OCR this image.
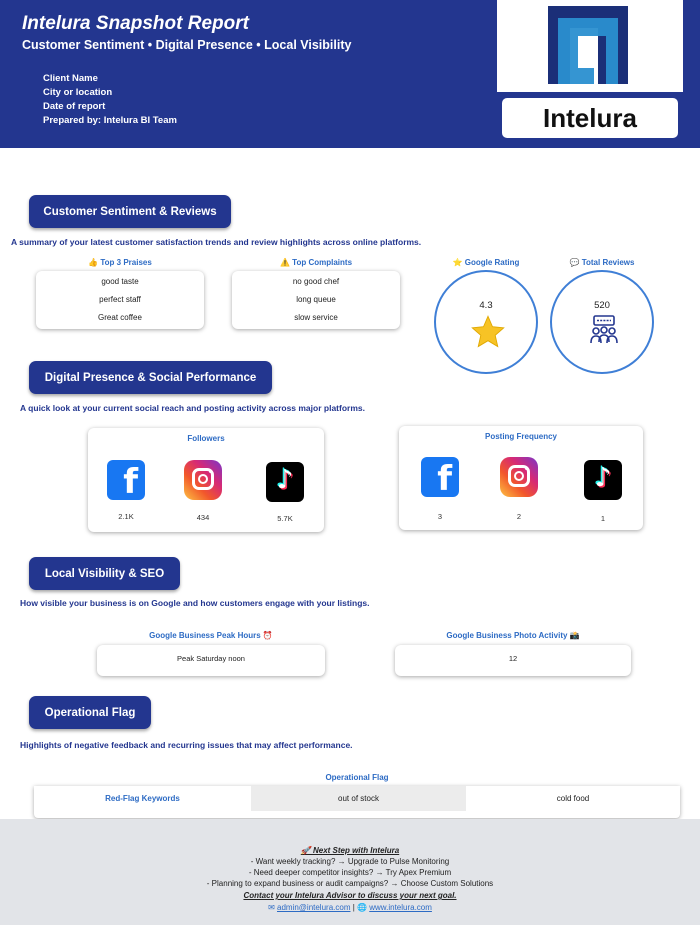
Intelura Snapshot Report
Customer Sentiment • Digital Presence • Local Visibility
Client Name
City or location
Date of report
Prepared by: Intelura BI Team	Intelura
Customer Sentiment & Reviews
A summary of your latest customer satisfaction trends and review highlights across online platforms.
👍 Top 3 Praises
good taste
perfect staff
Great coffee
⚠️ Top Complaints
no good chef
long queue
slow service
⭐ Google Rating
4.3
💬 Total Reviews
520
Digital Presence & Social Performance
A quick look at your current social reach and posting activity across major platforms.
Followers
f	♪
2.1K	434	5.7K
Posting Frequency
f	♪
3	2	1
Local Visibility & SEO
How visible your business is on Google and how customers engage with your listings.
Google Business Peak Hours ⏰
Peak Saturday noon
Google Business Photo Activity 📸
12
Operational Flag
Highlights of negative feedback and recurring issues that may affect performance.
Operational Flag
Red-Flag Keywords	out of stock	cold food
🚀 Next Step with Intelura
- Want weekly tracking? → Upgrade to Pulse Monitoring
- Need deeper competitor insights? → Try Apex Premium
- Planning to expand business or audit campaigns? → Choose Custom Solutions
Contact your Intelura Advisor to discuss your next goal.
✉ admin@intelura.com | 🌐 www.intelura.com
